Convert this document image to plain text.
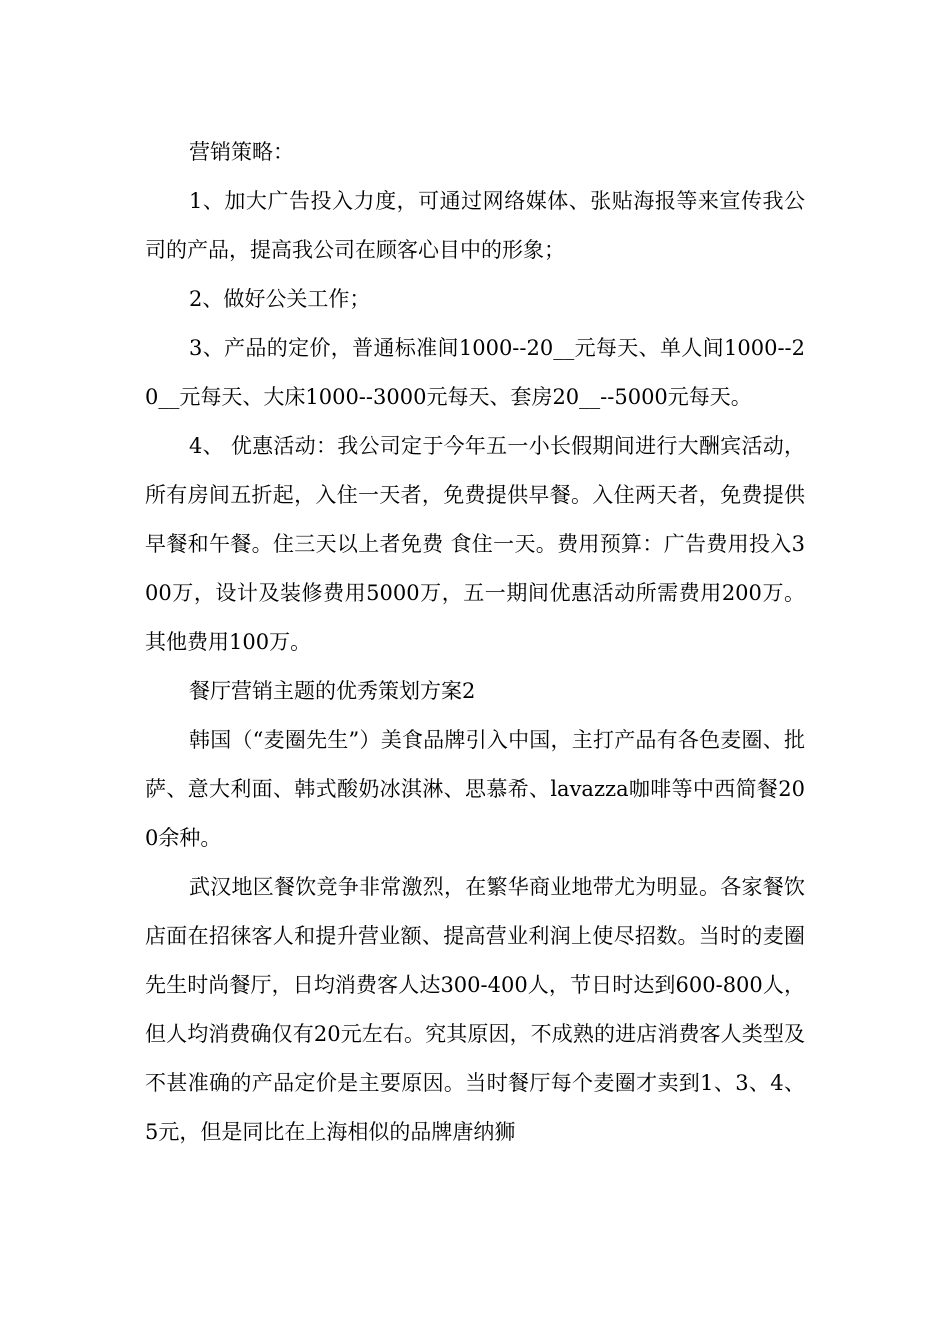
营销策略：

1、加大广告投入力度，可通过网络媒体、张贴海报等来宣传我公司的产品，提高我公司在顾客心目中的形象；

2、做好公关工作；

3、产品的定价，普通标准间1000--20__元每天、单人间1000--20__元每天、大床1000--3000元每天、套房20__--5000元每天。

4、 优惠活动：我公司定于今年五一小长假期间进行大酬宾活动，所有房间五折起，入住一天者，免费提供早餐。入住两天者，免费提供早餐和午餐。住三天以上者免费 食住一天。费用预算：广告费用投入300万，设计及装修费用5000万，五一期间优惠活动所需费用200万。其他费用100万。

餐厅营销主题的优秀策划方案2

韩国（“麦圈先生”）美食品牌引入中国，主打产品有各色麦圈、批萨、意大利面、韩式酸奶冰淇淋、思慕希、lavazza咖啡等中西简餐200余种。

武汉地区餐饮竞争非常激烈，在繁华商业地带尤为明显。各家餐饮店面在招徕客人和提升营业额、提高营业利润上使尽招数。当时的麦圈先生时尚餐厅，日均消费客人达300-400人，节日时达到600-800人，但人均消费确仅有20元左右。究其原因，不成熟的进店消费客人类型及不甚准确的产品定价是主要原因。当时餐厅每个麦圈才卖到1、3、4、5元，但是同比在上海相似的品牌唐纳狮
